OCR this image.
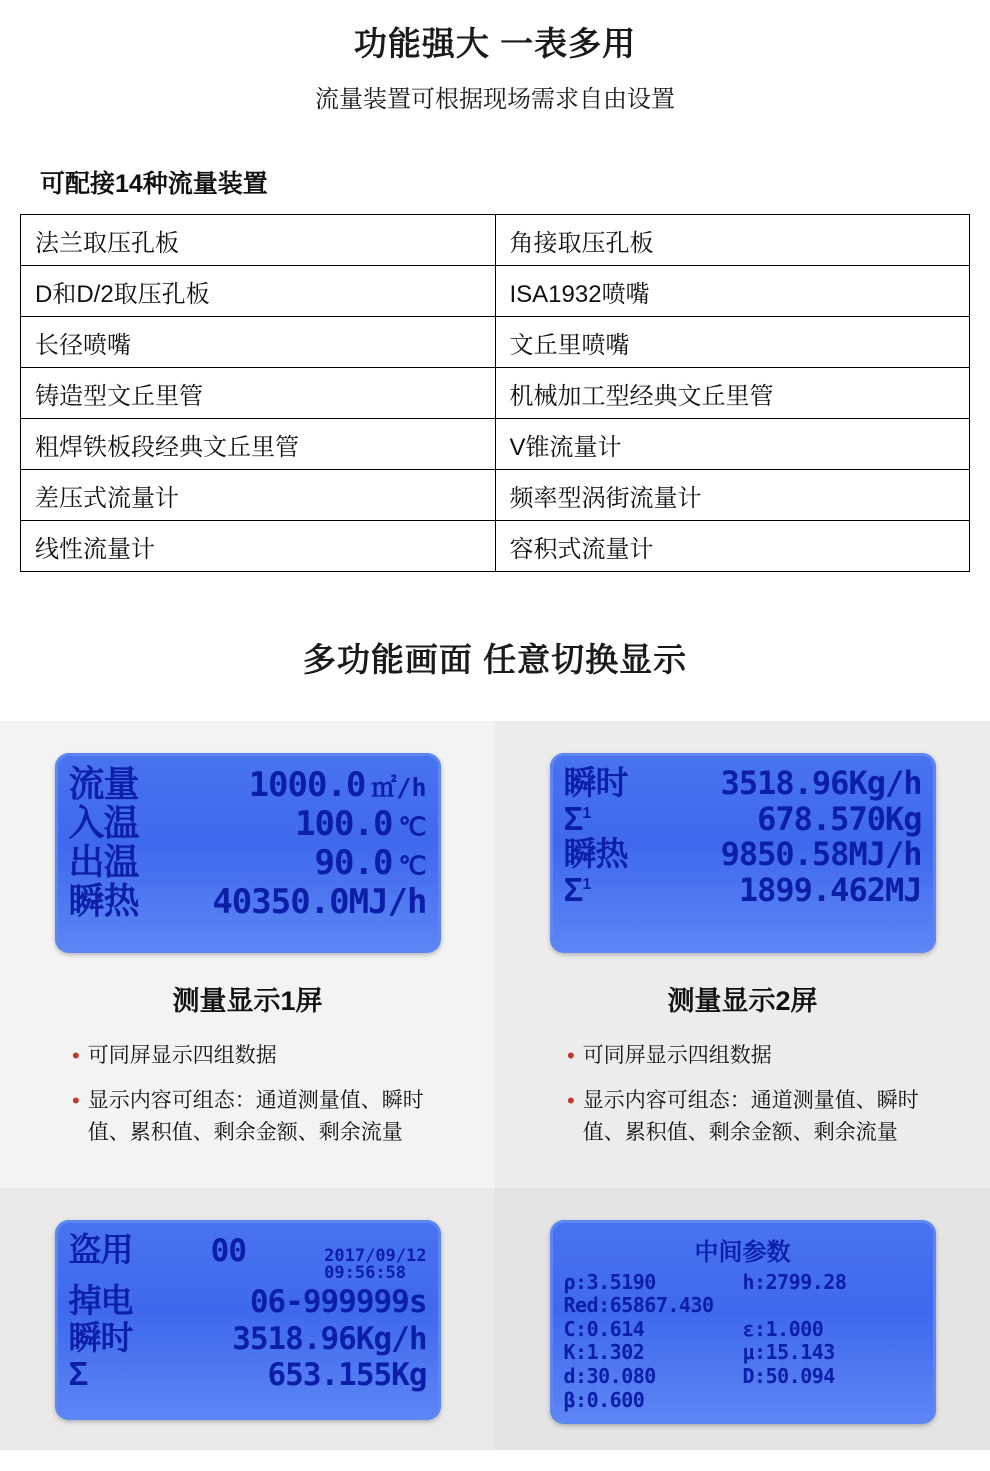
功能强大 一表多用
流量装置可根据现场需求自由设置
可配接14种流量装置
法兰取压孔板	角接取压孔板
D和D/2取压孔板	ISA1932喷嘴
长径喷嘴	文丘里喷嘴
铸造型文丘里管	机械加工型经典文丘里管
粗焊铁板段经典文丘里管	V锥流量计
差压式流量计	频率型涡街流量计
线性流量计	容积式流量计
多功能画面 任意切换显示
流量	1000.0 ㎡/h
入温	100.0 ℃
出温	90.0 ℃
瞬热 40350.0MJ/h
测量显示1屏
• 可同屏显示四组数据
• 显示内容可组态：通道测量值、瞬时值、累积值、剩余金额、剩余流量
瞬时	3518.96Kg/h
$\Sigma^1$	678.570Kg
瞬热	9850.58MJ/h
$\Sigma^1$	1899.462MJ
测量显示2屏
• 可同屏显示四组数据
• 显示内容可组态：通道测量值、瞬时值、累积值、剩余金额、剩余流量
盗用	00	2017/09/12
09:56:58
掉电	06-999999s
瞬时	3518.96Kg/h
Σ	653.155Kg
中间参数
ρ:3.5190	h:2799.28
Red:65867.430
C:0.614	ε:1.000
K:1.302	μ:15.143
d:30.080	D:50.094
β:0.600
